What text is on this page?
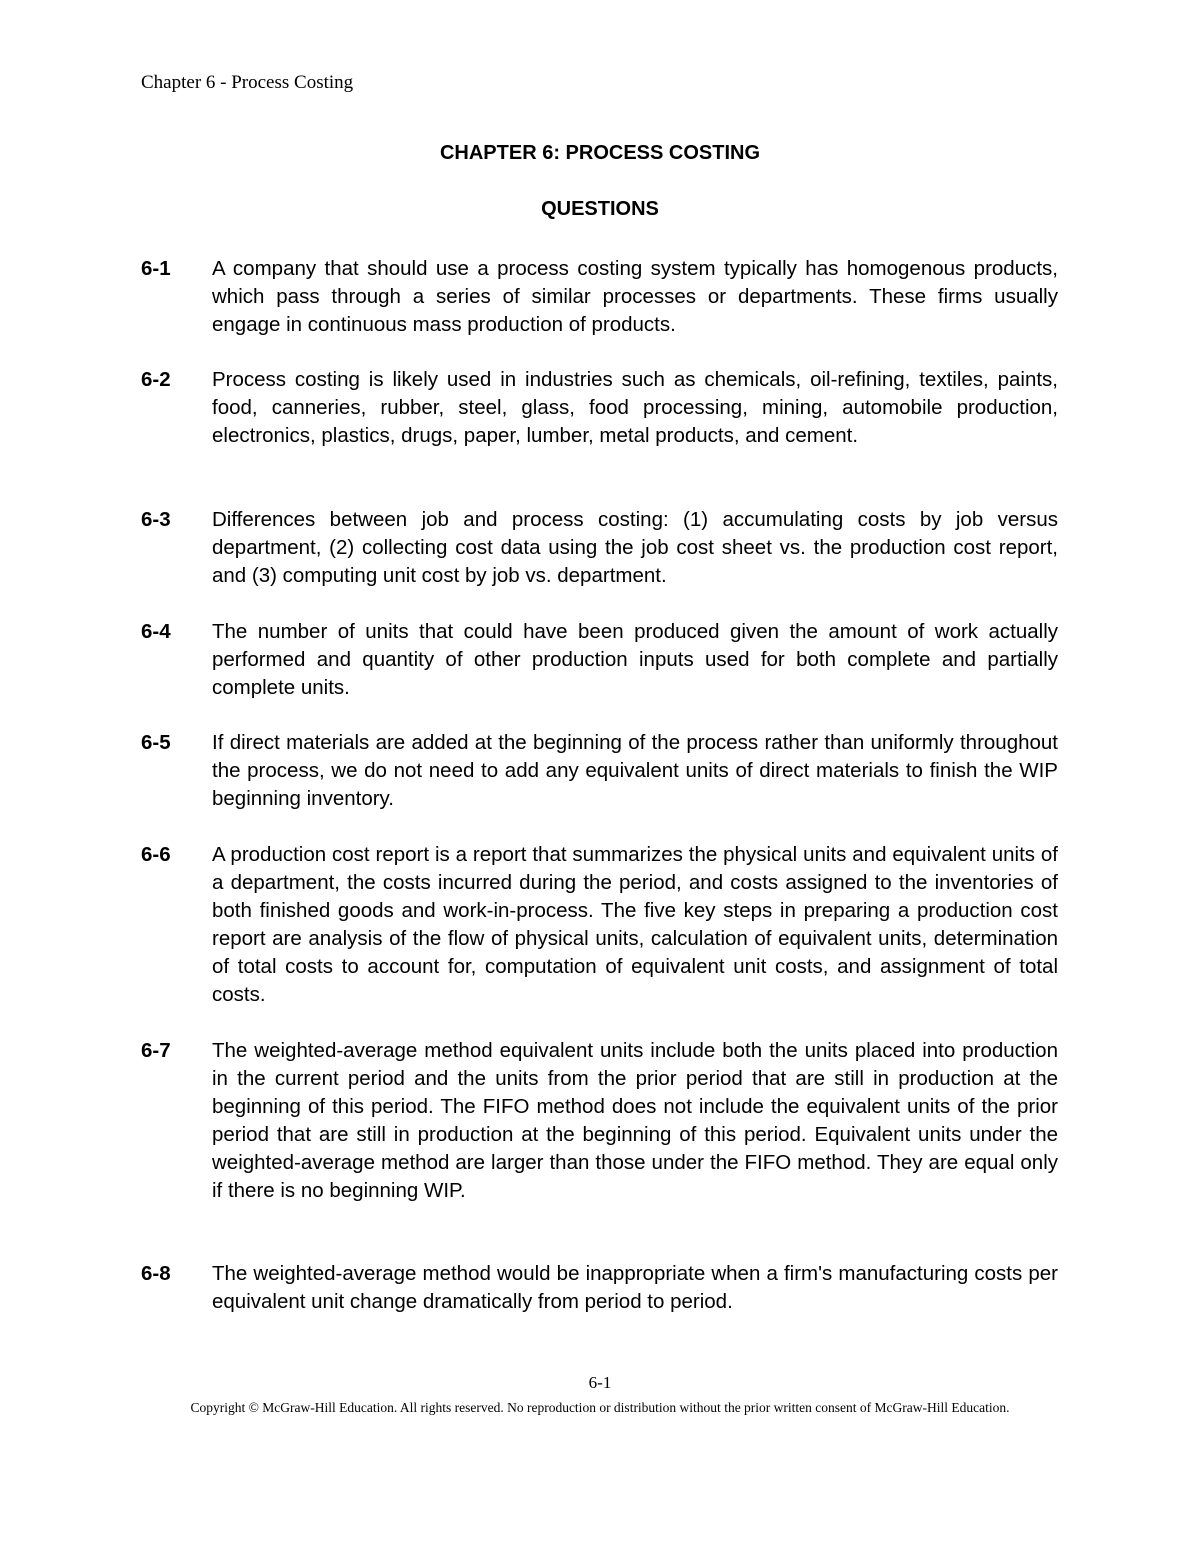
Chapter 6 - Process Costing
CHAPTER 6: PROCESS COSTING
QUESTIONS
6-1 A company that should use a process costing system typically has homogenous products, which pass through a series of similar processes or departments. These firms usually engage in continuous mass production of products.
6-2 Process costing is likely used in industries such as chemicals, oil-refining, textiles, paints, food, canneries, rubber, steel, glass, food processing, mining, automobile production, electronics, plastics, drugs, paper, lumber, metal products, and cement.
6-3 Differences between job and process costing: (1) accumulating costs by job versus department, (2) collecting cost data using the job cost sheet vs. the production cost report, and (3) computing unit cost by job vs. department.
6-4 The number of units that could have been produced given the amount of work actually performed and quantity of other production inputs used for both complete and partially complete units.
6-5 If direct materials are added at the beginning of the process rather than uniformly throughout the process, we do not need to add any equivalent units of direct materials to finish the WIP beginning inventory.
6-6 A production cost report is a report that summarizes the physical units and equivalent units of a department, the costs incurred during the period, and costs assigned to the inventories of both finished goods and work-in-process. The five key steps in preparing a production cost report are analysis of the flow of physical units, calculation of equivalent units, determination of total costs to account for, computation of equivalent unit costs, and assignment of total costs.
6-7 The weighted-average method equivalent units include both the units placed into production in the current period and the units from the prior period that are still in production at the beginning of this period. The FIFO method does not include the equivalent units of the prior period that are still in production at the beginning of this period. Equivalent units under the weighted-average method are larger than those under the FIFO method. They are equal only if there is no beginning WIP.
6-8 The weighted-average method would be inappropriate when a firm's manufacturing costs per equivalent unit change dramatically from period to period.
6-1
Copyright © McGraw-Hill Education. All rights reserved. No reproduction or distribution without the prior written consent of McGraw-Hill Education.
